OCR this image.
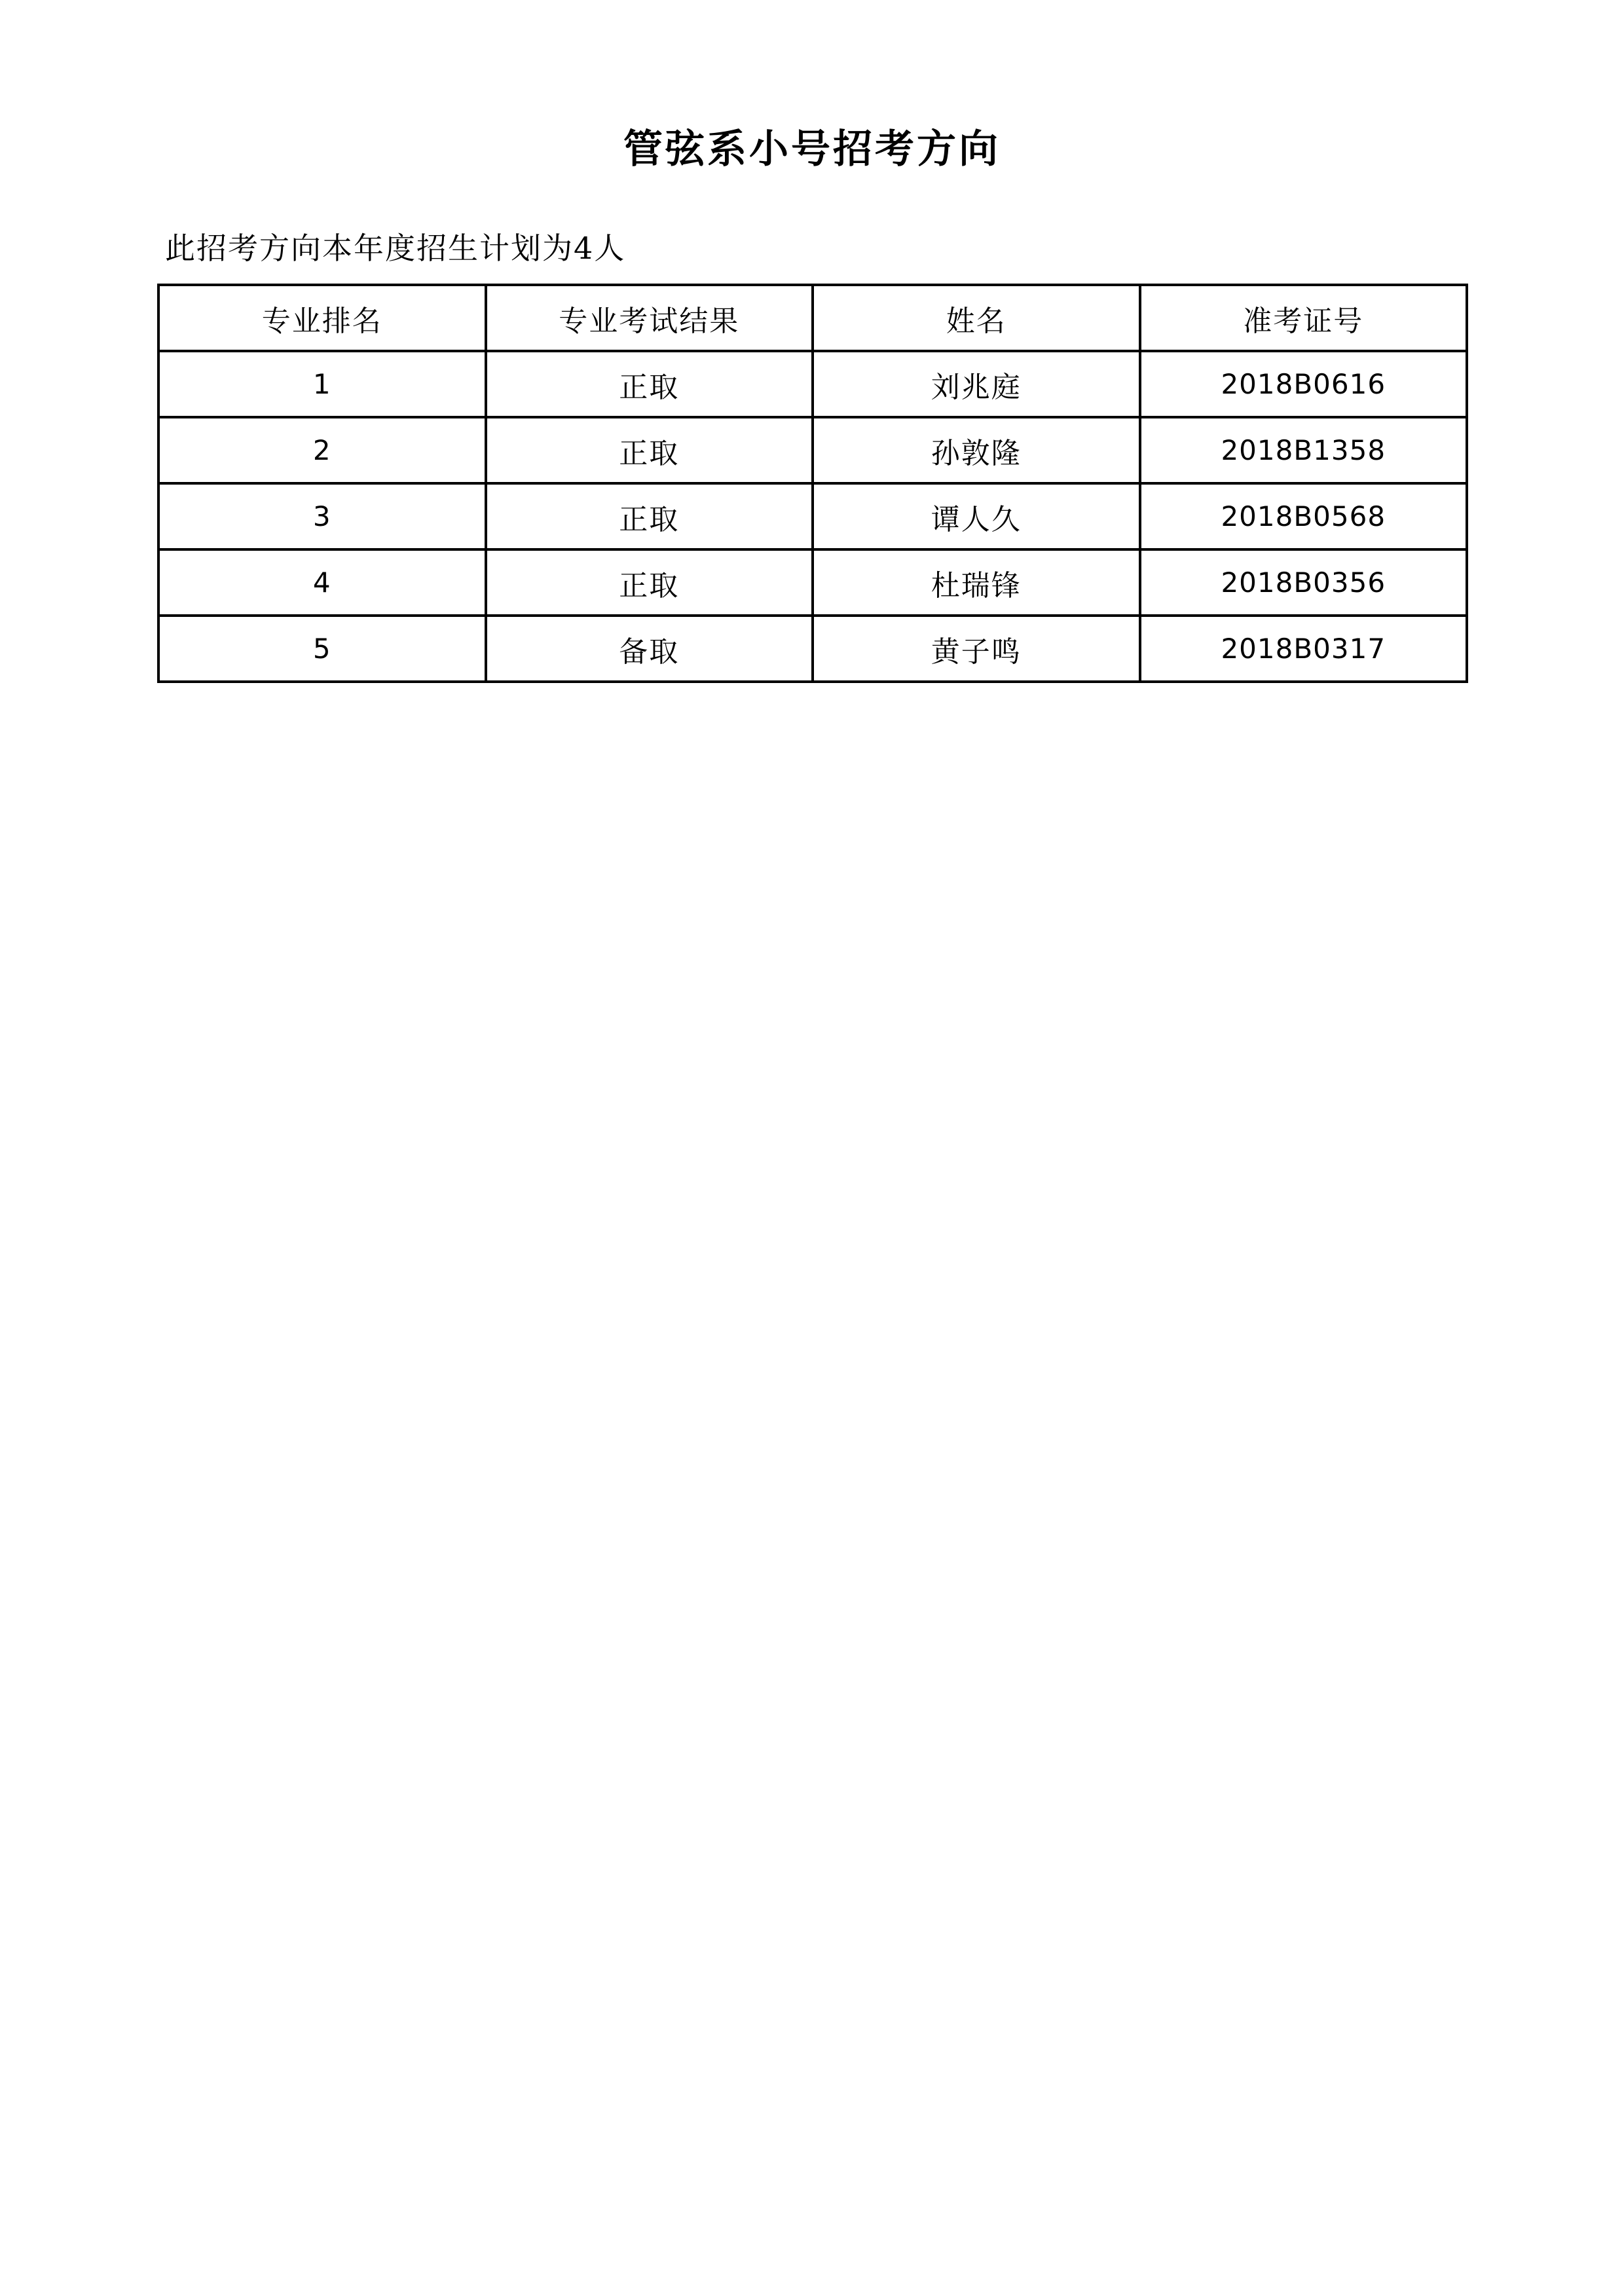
管弦系小号招考方向
此招考方向本年度招生计划为4人
专业排名	专业考试结果	姓名	准考证号
1	正取	刘兆庭	2018B0616
2	正取	孙敦隆	2018B1358
3	正取	谭人久	2018B0568
4	正取	杜瑞锋	2018B0356
5	备取	黄子鸣	2018B0317
